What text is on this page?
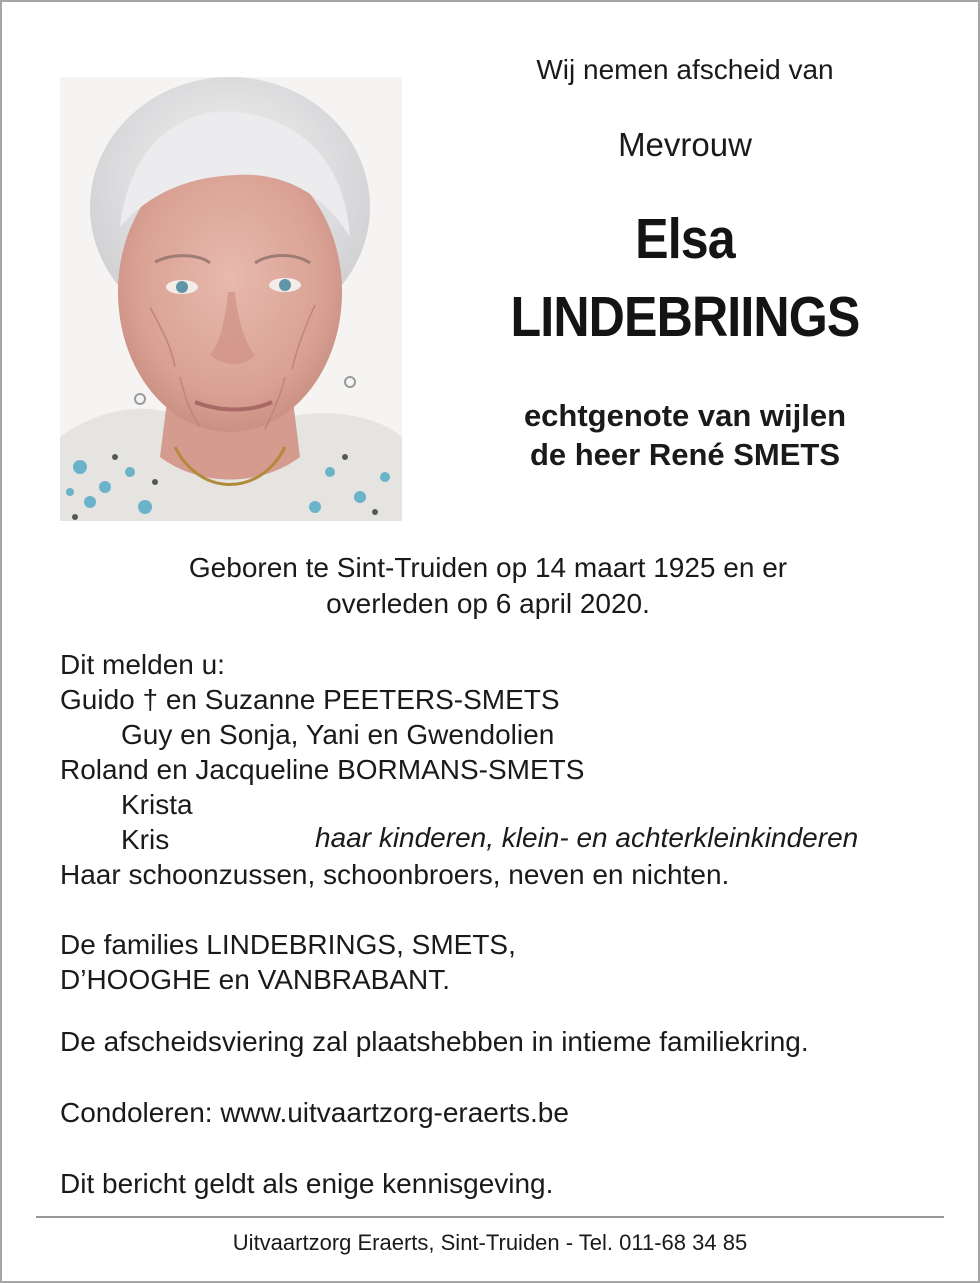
Wij nemen afscheid van
Mevrouw
Elsa
LINDEBRIINGS
echtgenote van wijlen
de heer René SMETS
Geboren te Sint-Truiden op 14 maart 1925 en er
overleden op 6 april 2020.
Dit melden u:
Guido † en Suzanne PEETERS-SMETS
Guy en Sonja, Yani en Gwendolien
Roland en Jacqueline BORMANS-SMETS
Krista
Kris
Haar schoonzussen, schoonbroers, neven en nichten.
haar kinderen, klein- en achterkleinkinderen
De families LINDEBRINGS, SMETS,
D’HOOGHE en VANBRABANT.
De afscheidsviering zal plaatshebben in intieme familiekring.
Condoleren: www.uitvaartzorg-eraerts.be
Dit bericht geldt als enige kennisgeving.
Uitvaartzorg Eraerts, Sint-Truiden - Tel. 011-68 34 85
